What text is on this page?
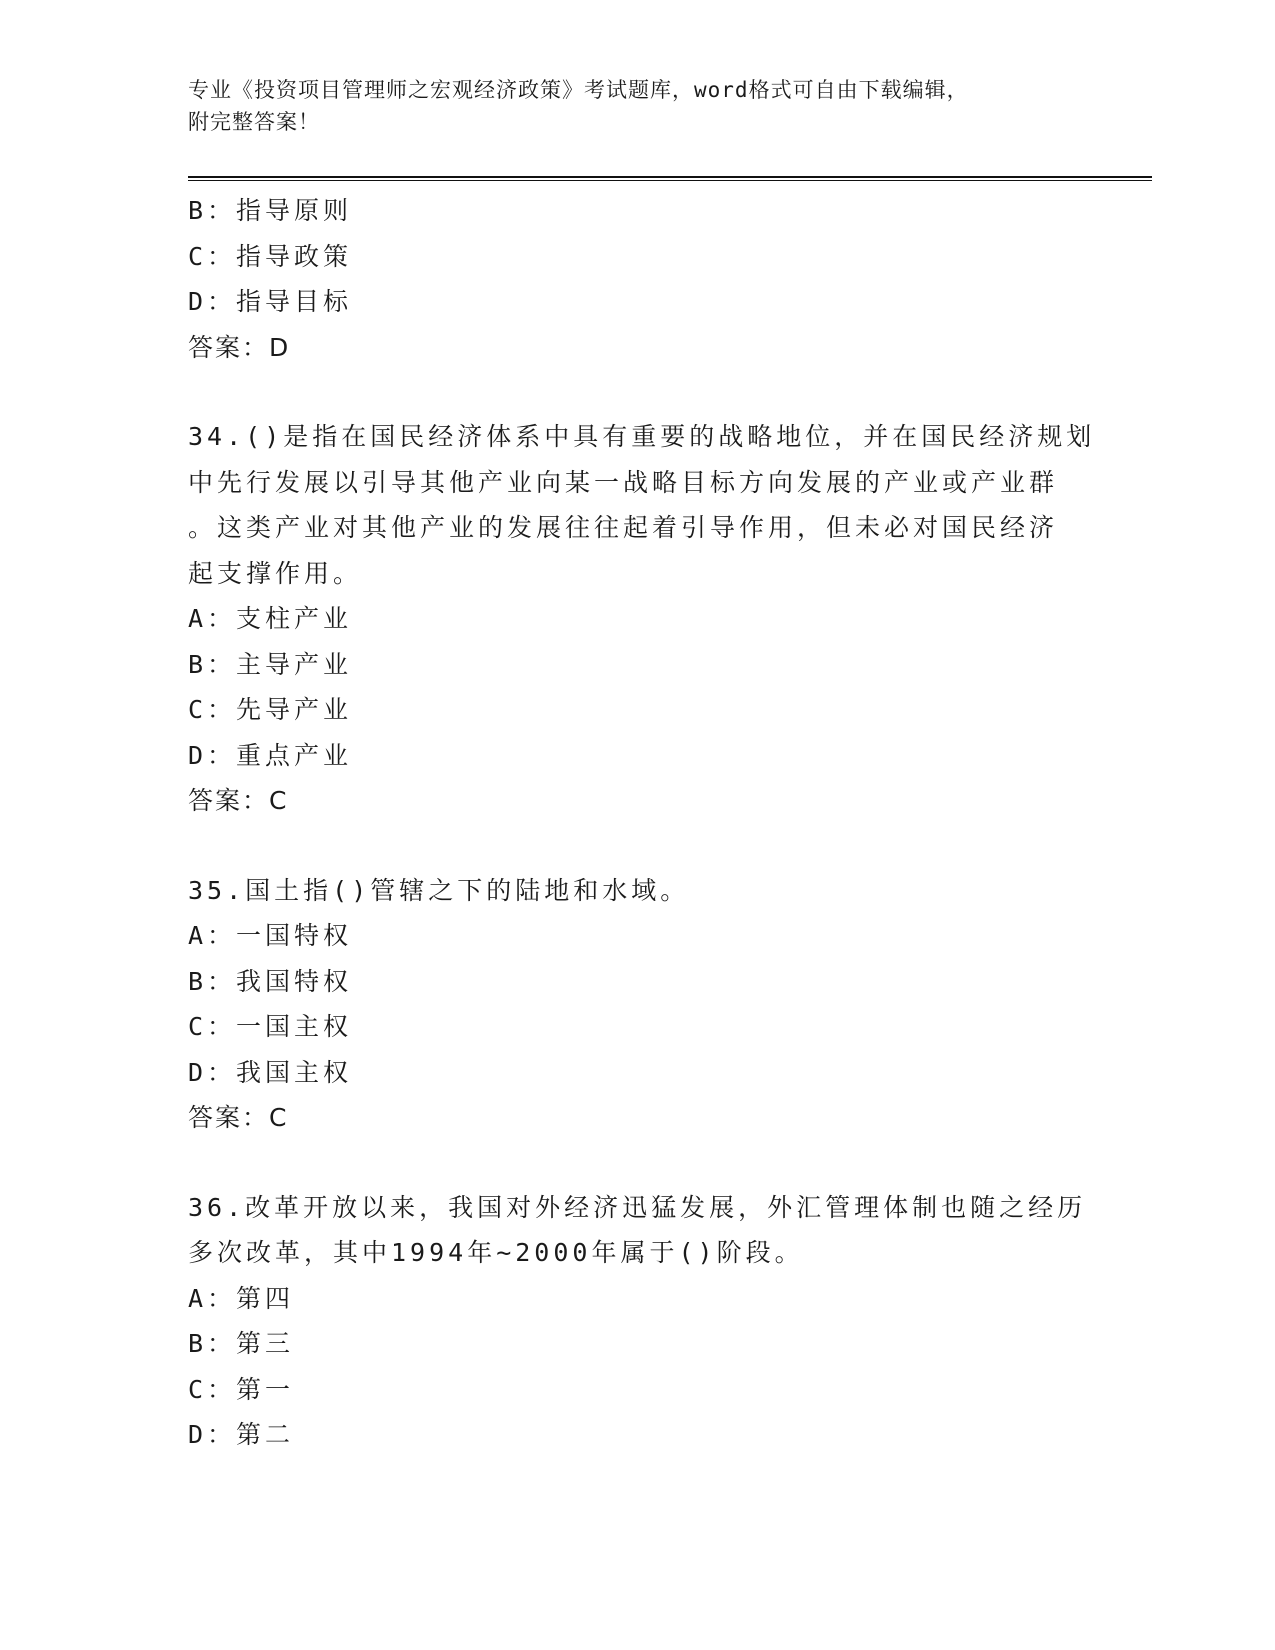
专业《投资项目管理师之宏观经济政策》考试题库，word格式可自由下载编辑，
附完整答案！
B：指导原则
C：指导政策
D：指导目标
答案：D
34.()是指在国民经济体系中具有重要的战略地位，并在国民经济规划
中先行发展以引导其他产业向某一战略目标方向发展的产业或产业群
。这类产业对其他产业的发展往往起着引导作用，但未必对国民经济
起支撑作用。
A：支柱产业
B：主导产业
C：先导产业
D：重点产业
答案：C
35.国土指()管辖之下的陆地和水域。
A：一国特权
B：我国特权
C：一国主权
D：我国主权
答案：C
36.改革开放以来，我国对外经济迅猛发展，外汇管理体制也随之经历
多次改革，其中1994年~2000年属于()阶段。
A：第四
B：第三
C：第一
D：第二
